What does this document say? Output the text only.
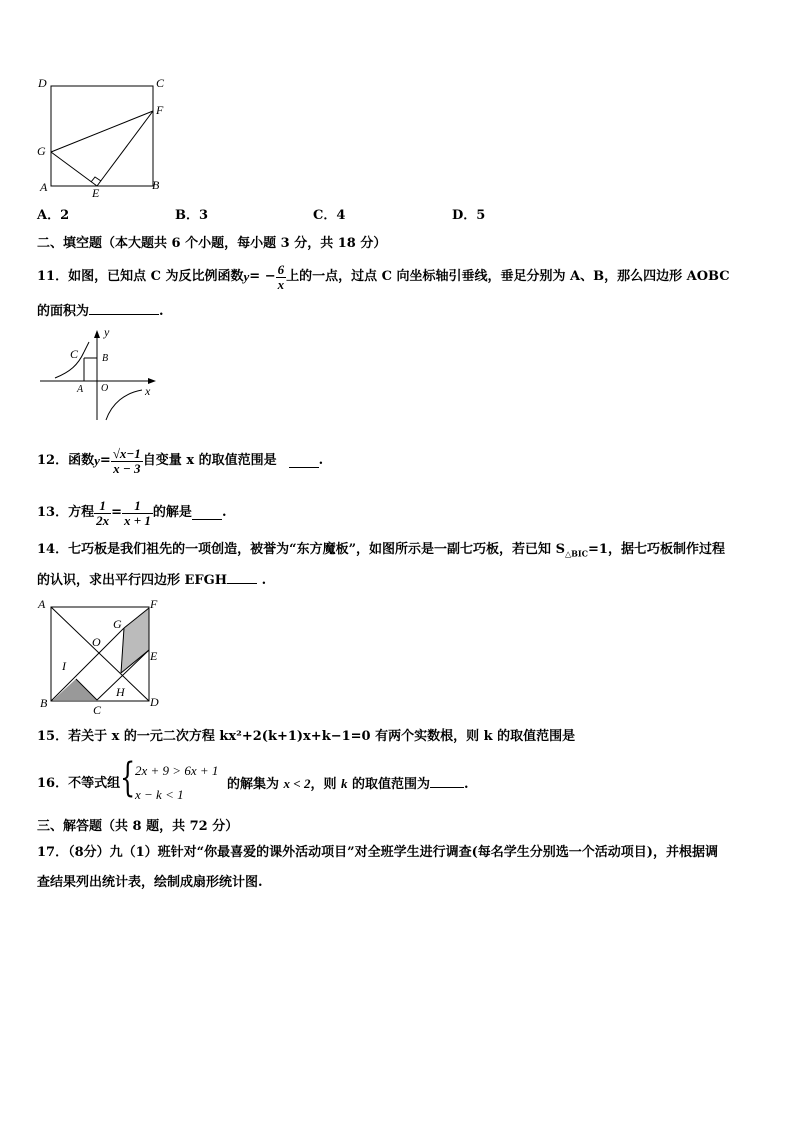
D	C
F
G
A	E
B
A．2	B．3	C．4	D．5
二、填空题（本大题共 6 个小题，每小题 3 分，共 18 分）
11．如图，已知点 C 为反比例函数 y = − $\frac{6}{x}$ 上的一点，过点 C 向坐标轴引垂线，垂足分别为 A、B，那么四边形 AOBC
的面积为	.
y
C B
A O	x
12．函数 $y = \frac{√x-1}{x - 3}$ 自变量 x 的取值范围是	.
13．方程 $\frac{1}{2x} = \frac{1}{x + 1}$ 的解是 .
14．七巧板是我们祖先的一项创造，被誉为“东方魔板”，如图所示是一副七巧板，若已知 $S_{\triangle BIC}=1$，据七巧板制作过程
的认识，求出平行四边形 EFGH .
A	F
G
O
E
I
H
B	C
D
15．若关于 x 的一元二次方程 kx²+2(k+1)x+k−1=0 有两个实数根，则 k 的取值范围是
16．不等式组 { 2x + 9 > 6x + 1
x − k < 1
的解集为 x < 2，则 k 的取值范围为	.
三、解答题（共 8 题，共 72 分）
17．（8分）九（1）班针对“你最喜爱的课外活动项目”对全班学生进行调查(每名学生分别选一个活动项目)，并根据调
查结果列出统计表，绘制成扇形统计图.
